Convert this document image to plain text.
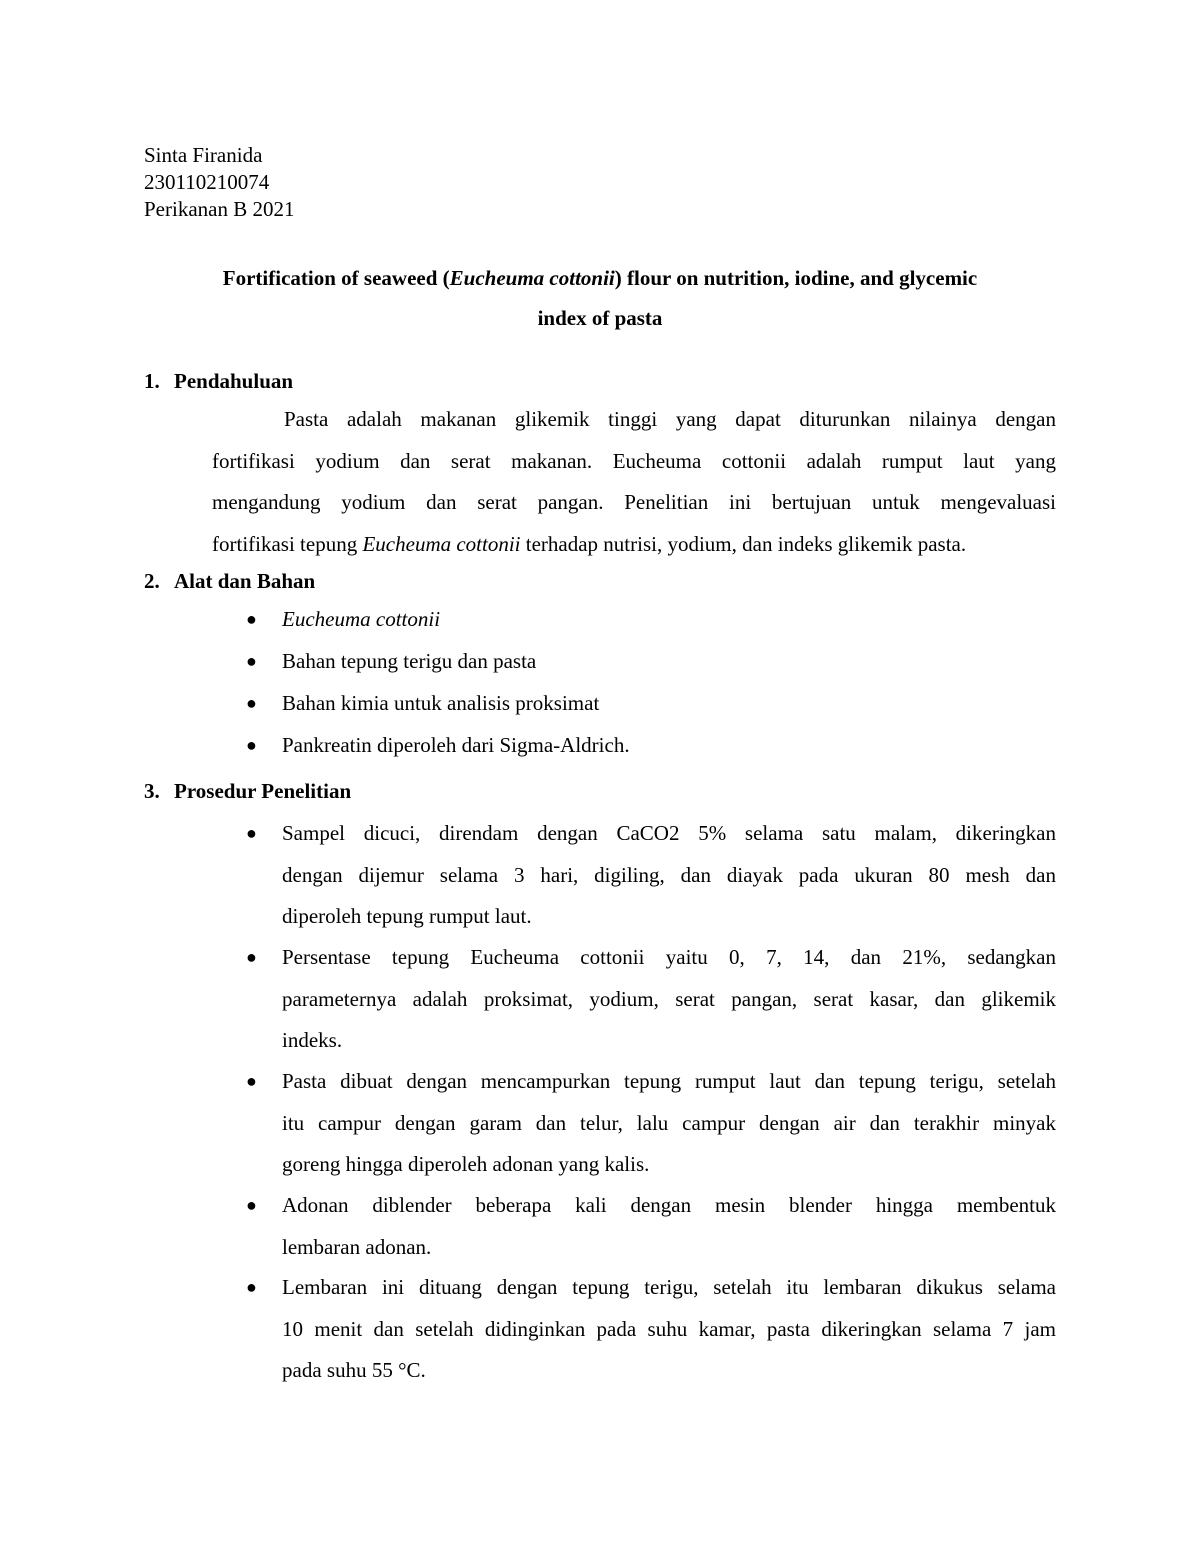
Sinta Firanida
230110210074
Perikanan B 2021
Fortification of seaweed (Eucheuma cottonii) flour on nutrition, iodine, and glycemic
index of pasta
1. Pendahuluan
Pasta adalah makanan glikemik tinggi yang dapat diturunkan nilainya dengan
fortifikasi yodium dan serat makanan. Eucheuma cottonii adalah rumput laut yang
mengandung yodium dan serat pangan. Penelitian ini bertujuan untuk mengevaluasi
fortifikasi tepung Eucheuma cottonii terhadap nutrisi, yodium, dan indeks glikemik pasta.
2. Alat dan Bahan
● Eucheuma cottonii
● Bahan tepung terigu dan pasta
● Bahan kimia untuk analisis proksimat
● Pankreatin diperoleh dari Sigma-Aldrich.
3. Prosedur Penelitian
● Sampel dicuci, direndam dengan CaCO2 5% selama satu malam, dikeringkan
dengan dijemur selama 3 hari, digiling, dan diayak pada ukuran 80 mesh dan
diperoleh tepung rumput laut.
● Persentase tepung Eucheuma cottonii yaitu 0, 7, 14, dan 21%, sedangkan
parameternya adalah proksimat, yodium, serat pangan, serat kasar, dan glikemik
indeks.
● Pasta dibuat dengan mencampurkan tepung rumput laut dan tepung terigu, setelah
itu campur dengan garam dan telur, lalu campur dengan air dan terakhir minyak
goreng hingga diperoleh adonan yang kalis.
● Adonan diblender beberapa kali dengan mesin blender hingga membentuk
lembaran adonan.
● Lembaran ini dituang dengan tepung terigu, setelah itu lembaran dikukus selama
10 menit dan setelah didinginkan pada suhu kamar, pasta dikeringkan selama 7 jam
pada suhu 55 °C.
